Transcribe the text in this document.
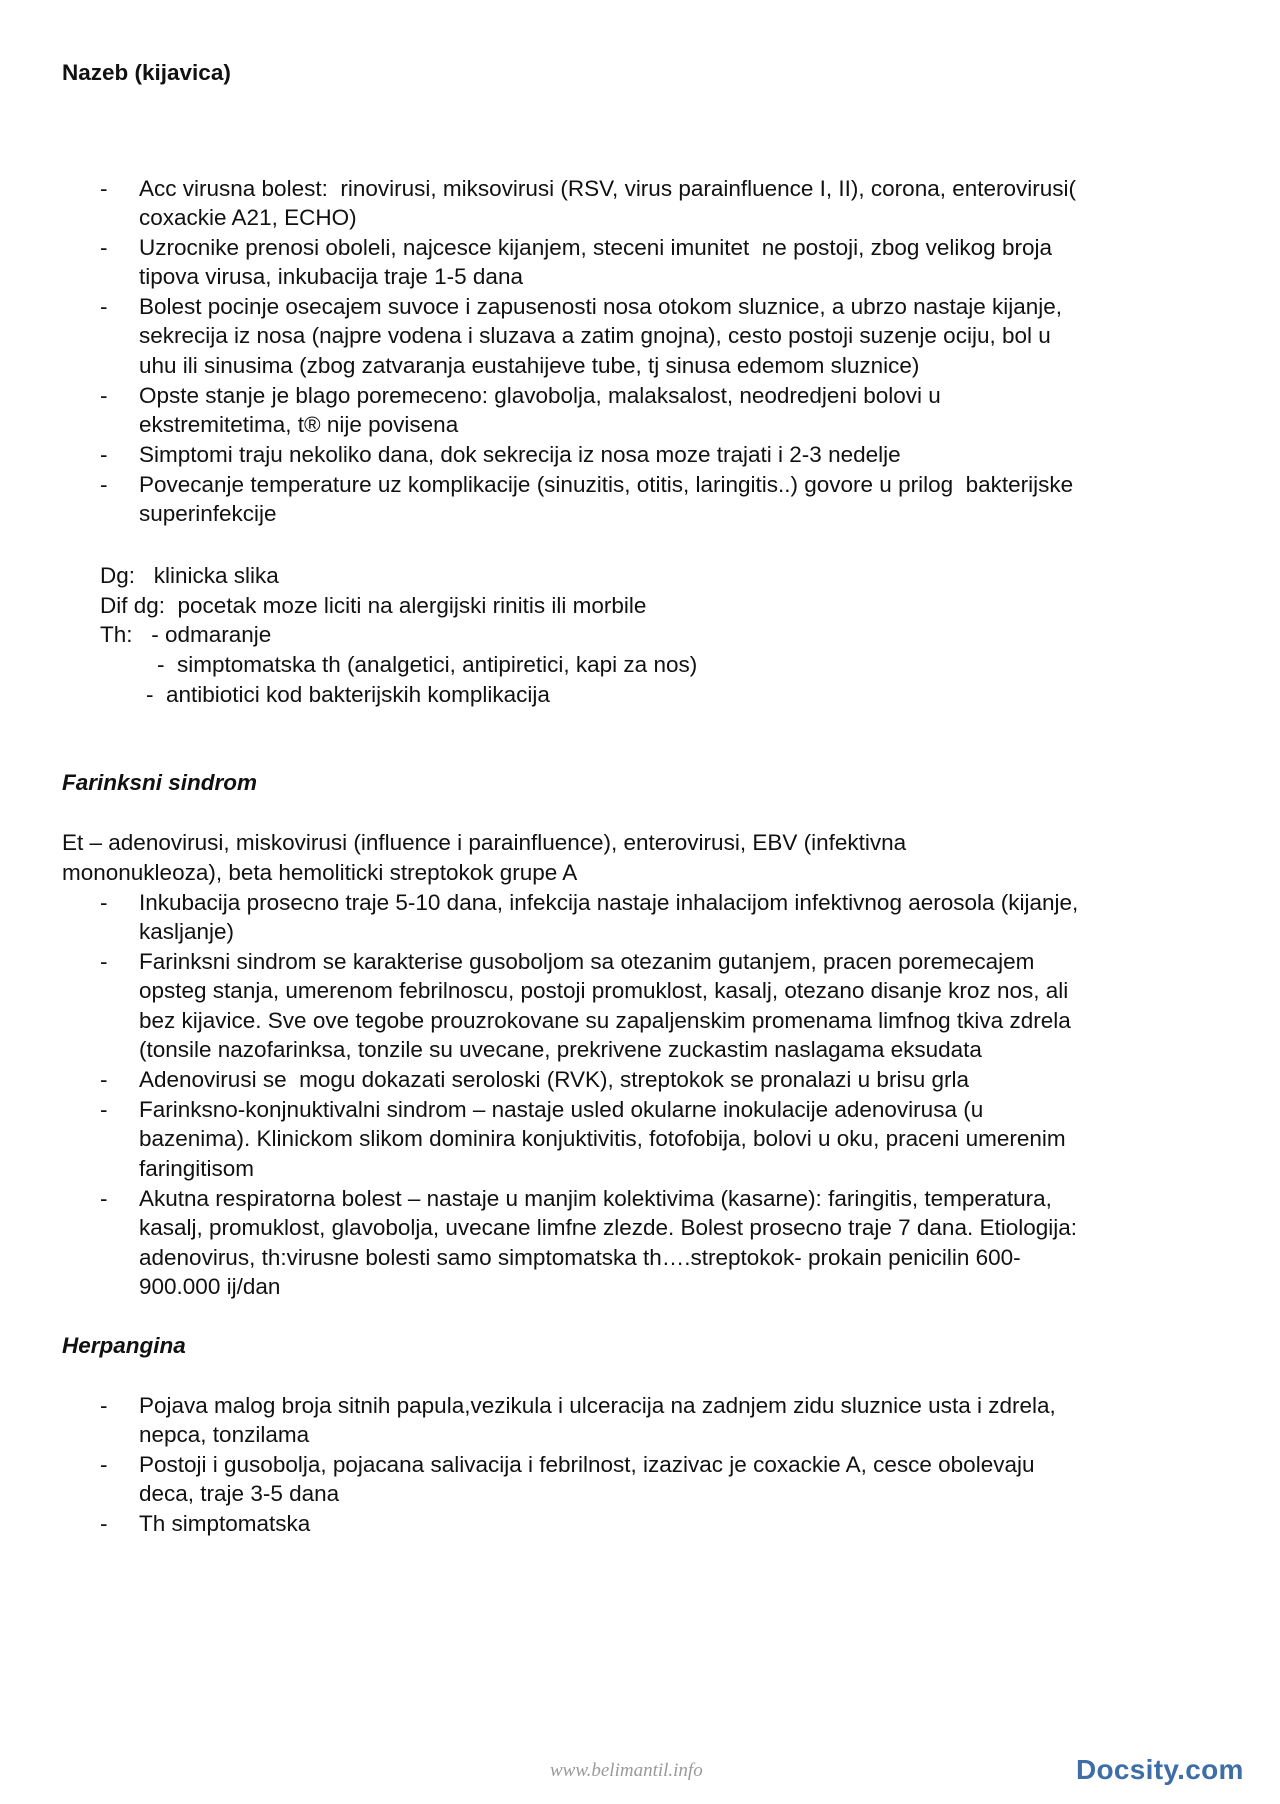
Nazeb (kijavica)
- Acc virusna bolest:  rinovirusi, miksovirusi (RSV, virus parainfluence I, II), corona, enterovirusi(
coxackie A21, ECHO)
- Uzrocnike prenosi oboleli, najcesce kijanjem, steceni imunitet  ne postoji, zbog velikog broja
tipova virusa, inkubacija traje 1-5 dana
- Bolest pocinje osecajem suvoce i zapusenosti nosa otokom sluznice, a ubrzo nastaje kijanje,
sekrecija iz nosa (najpre vodena i sluzava a zatim gnojna), cesto postoji suzenje ociju, bol u
uhu ili sinusima (zbog zatvaranja eustahijeve tube, tj sinusa edemom sluznice)
- Opste stanje je blago poremeceno: glavobolja, malaksalost, neodredjeni bolovi u
ekstremitetima, t® nije povisena
- Simptomi traju nekoliko dana, dok sekrecija iz nosa moze trajati i 2-3 nedelje
- Povecanje temperature uz komplikacije (sinuzitis, otitis, laringitis..) govore u prilog  bakterijske
superinfekcije
Dg:   klinicka slika
Dif dg:  pocetak moze liciti na alergijski rinitis ili morbile
Th:   - odmaranje
-  simptomatska th (analgetici, antipiretici, kapi za nos)
-  antibiotici kod bakterijskih komplikacija
Farinksni sindrom
Et – adenovirusi, miskovirusi (influence i parainfluence), enterovirusi, EBV (infektivna
mononukleoza), beta hemoliticki streptokok grupe A
- Inkubacija prosecno traje 5-10 dana, infekcija nastaje inhalacijom infektivnog aerosola (kijanje,
kasljanje)
- Farinksni sindrom se karakterise gusoboljom sa otezanim gutanjem, pracen poremecajem
opsteg stanja, umerenom febrilnoscu, postoji promuklost, kasalj, otezano disanje kroz nos, ali
bez kijavice. Sve ove tegobe prouzrokovane su zapaljenskim promenama limfnog tkiva zdrela
(tonsile nazofarinksa, tonzile su uvecane, prekrivene zuckastim naslagama eksudata
- Adenovirusi se  mogu dokazati seroloski (RVK), streptokok se pronalazi u brisu grla
- Farinksno-konjnuktivalni sindrom – nastaje usled okularne inokulacije adenovirusa (u
bazenima). Klinickom slikom dominira konjuktivitis, fotofobija, bolovi u oku, praceni umerenim
faringitisom
- Akutna respiratorna bolest – nastaje u manjim kolektivima (kasarne): faringitis, temperatura,
kasalj, promuklost, glavobolja, uvecane limfne zlezde. Bolest prosecno traje 7 dana. Etiologija:
adenovirus, th:virusne bolesti samo simptomatska th….streptokok- prokain penicilin 600-
900.000 ij/dan
Herpangina
- Pojava malog broja sitnih papula,vezikula i ulceracija na zadnjem zidu sluznice usta i zdrela,
nepca, tonzilama
- Postoji i gusobolja, pojacana salivacija i febrilnost, izazivac je coxackie A, cesce obolevaju
deca, traje 3-5 dana
- Th simptomatska
www.belimantil.info	Docsity.com
